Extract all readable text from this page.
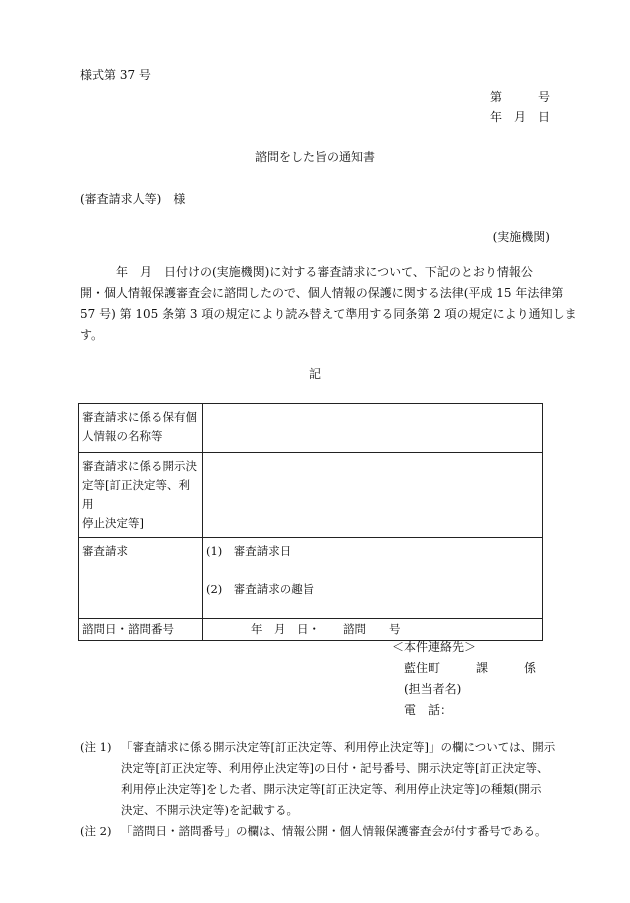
様式第 37 号
第　　　号
年　月　日
諮問をした旨の通知書
(審査請求人等)　様
(実施機関)
　　　年　月　日付けの(実施機関)に対する審査請求について、下記のとおり情報公
開・個人情報保護審査会に諮問したので、個人情報の保護に関する法律(平成 15 年法律第
57 号) 第 105 条第 3 項の規定により読み替えて準用する同条第 2 項の規定により通知しま
す。
記
審査請求に係る保有個
人情報の名称等	

審査請求に係る開示決
定等[訂正決定等、利用
停止決定等]	

審査請求	(1)　審査請求日
(2)　審査請求の趣旨

諮問日・諮問番号	年　月　日・　　諮問　　号
＜本件連絡先＞
藍住町　　　課　　　係
(担当者名)
電　話：
(注 1) 「審査請求に係る開示決定等[訂正決定等、利用停止決定等]」の欄については、開示
決定等[訂正決定等、利用停止決定等]の日付・記号番号、開示決定等[訂正決定等、
利用停止決定等]をした者、開示決定等[訂正決定等、利用停止決定等]の種類(開示
決定、不開示決定等)を記載する。
(注 2) 「諮問日・諮問番号」の欄は、情報公開・個人情報保護審査会が付す番号である。
